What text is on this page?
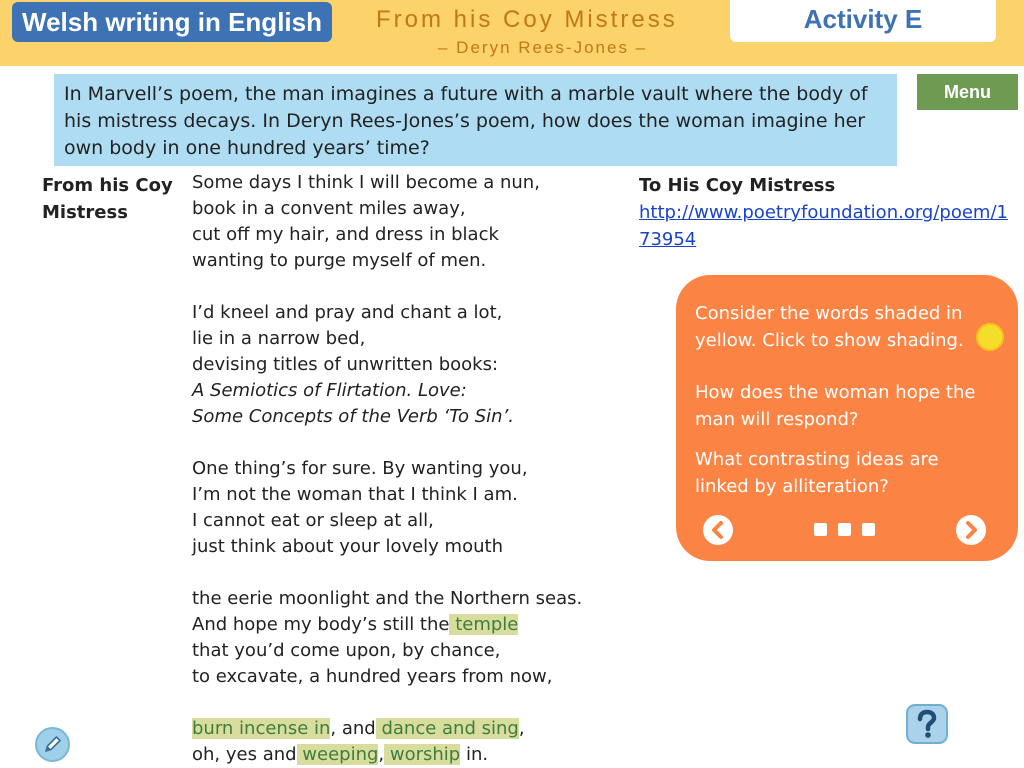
Welsh writing in English	From his Coy Mistress
– Deryn Rees-Jones –
Activity E
In Marvell’s poem, the man imagines a future with a marble vault where the body of his mistress decays. In Deryn Rees-Jones’s poem, how does the woman imagine her own body in one hundred years’ time?
Menu
From his Coy Mistress
Some days I think I will become a nun,
book in a convent miles away,
cut off my hair, and dress in black
wanting to purge myself of men.
I’d kneel and pray and chant a lot,
lie in a narrow bed,
devising titles of unwritten books:
A Semiotics of Flirtation. Love:
Some Concepts of the Verb ‘To Sin’.
One thing’s for sure. By wanting you,
I’m not the woman that I think I am.
I cannot eat or sleep at all,
just think about your lovely mouth
the eerie moonlight and the Northern seas.
And hope my body’s still the temple
that you’d come upon, by chance,
to excavate, a hundred years from now,
burn incense in, and dance and sing,
oh, yes and weeping, worship in.
To His Coy Mistress
http://www.poetryfoundation.org/poem/173954
Consider the words shaded in yellow. Click to show shading.
How does the woman hope the man will respond?
What contrasting ideas are linked by alliteration?
